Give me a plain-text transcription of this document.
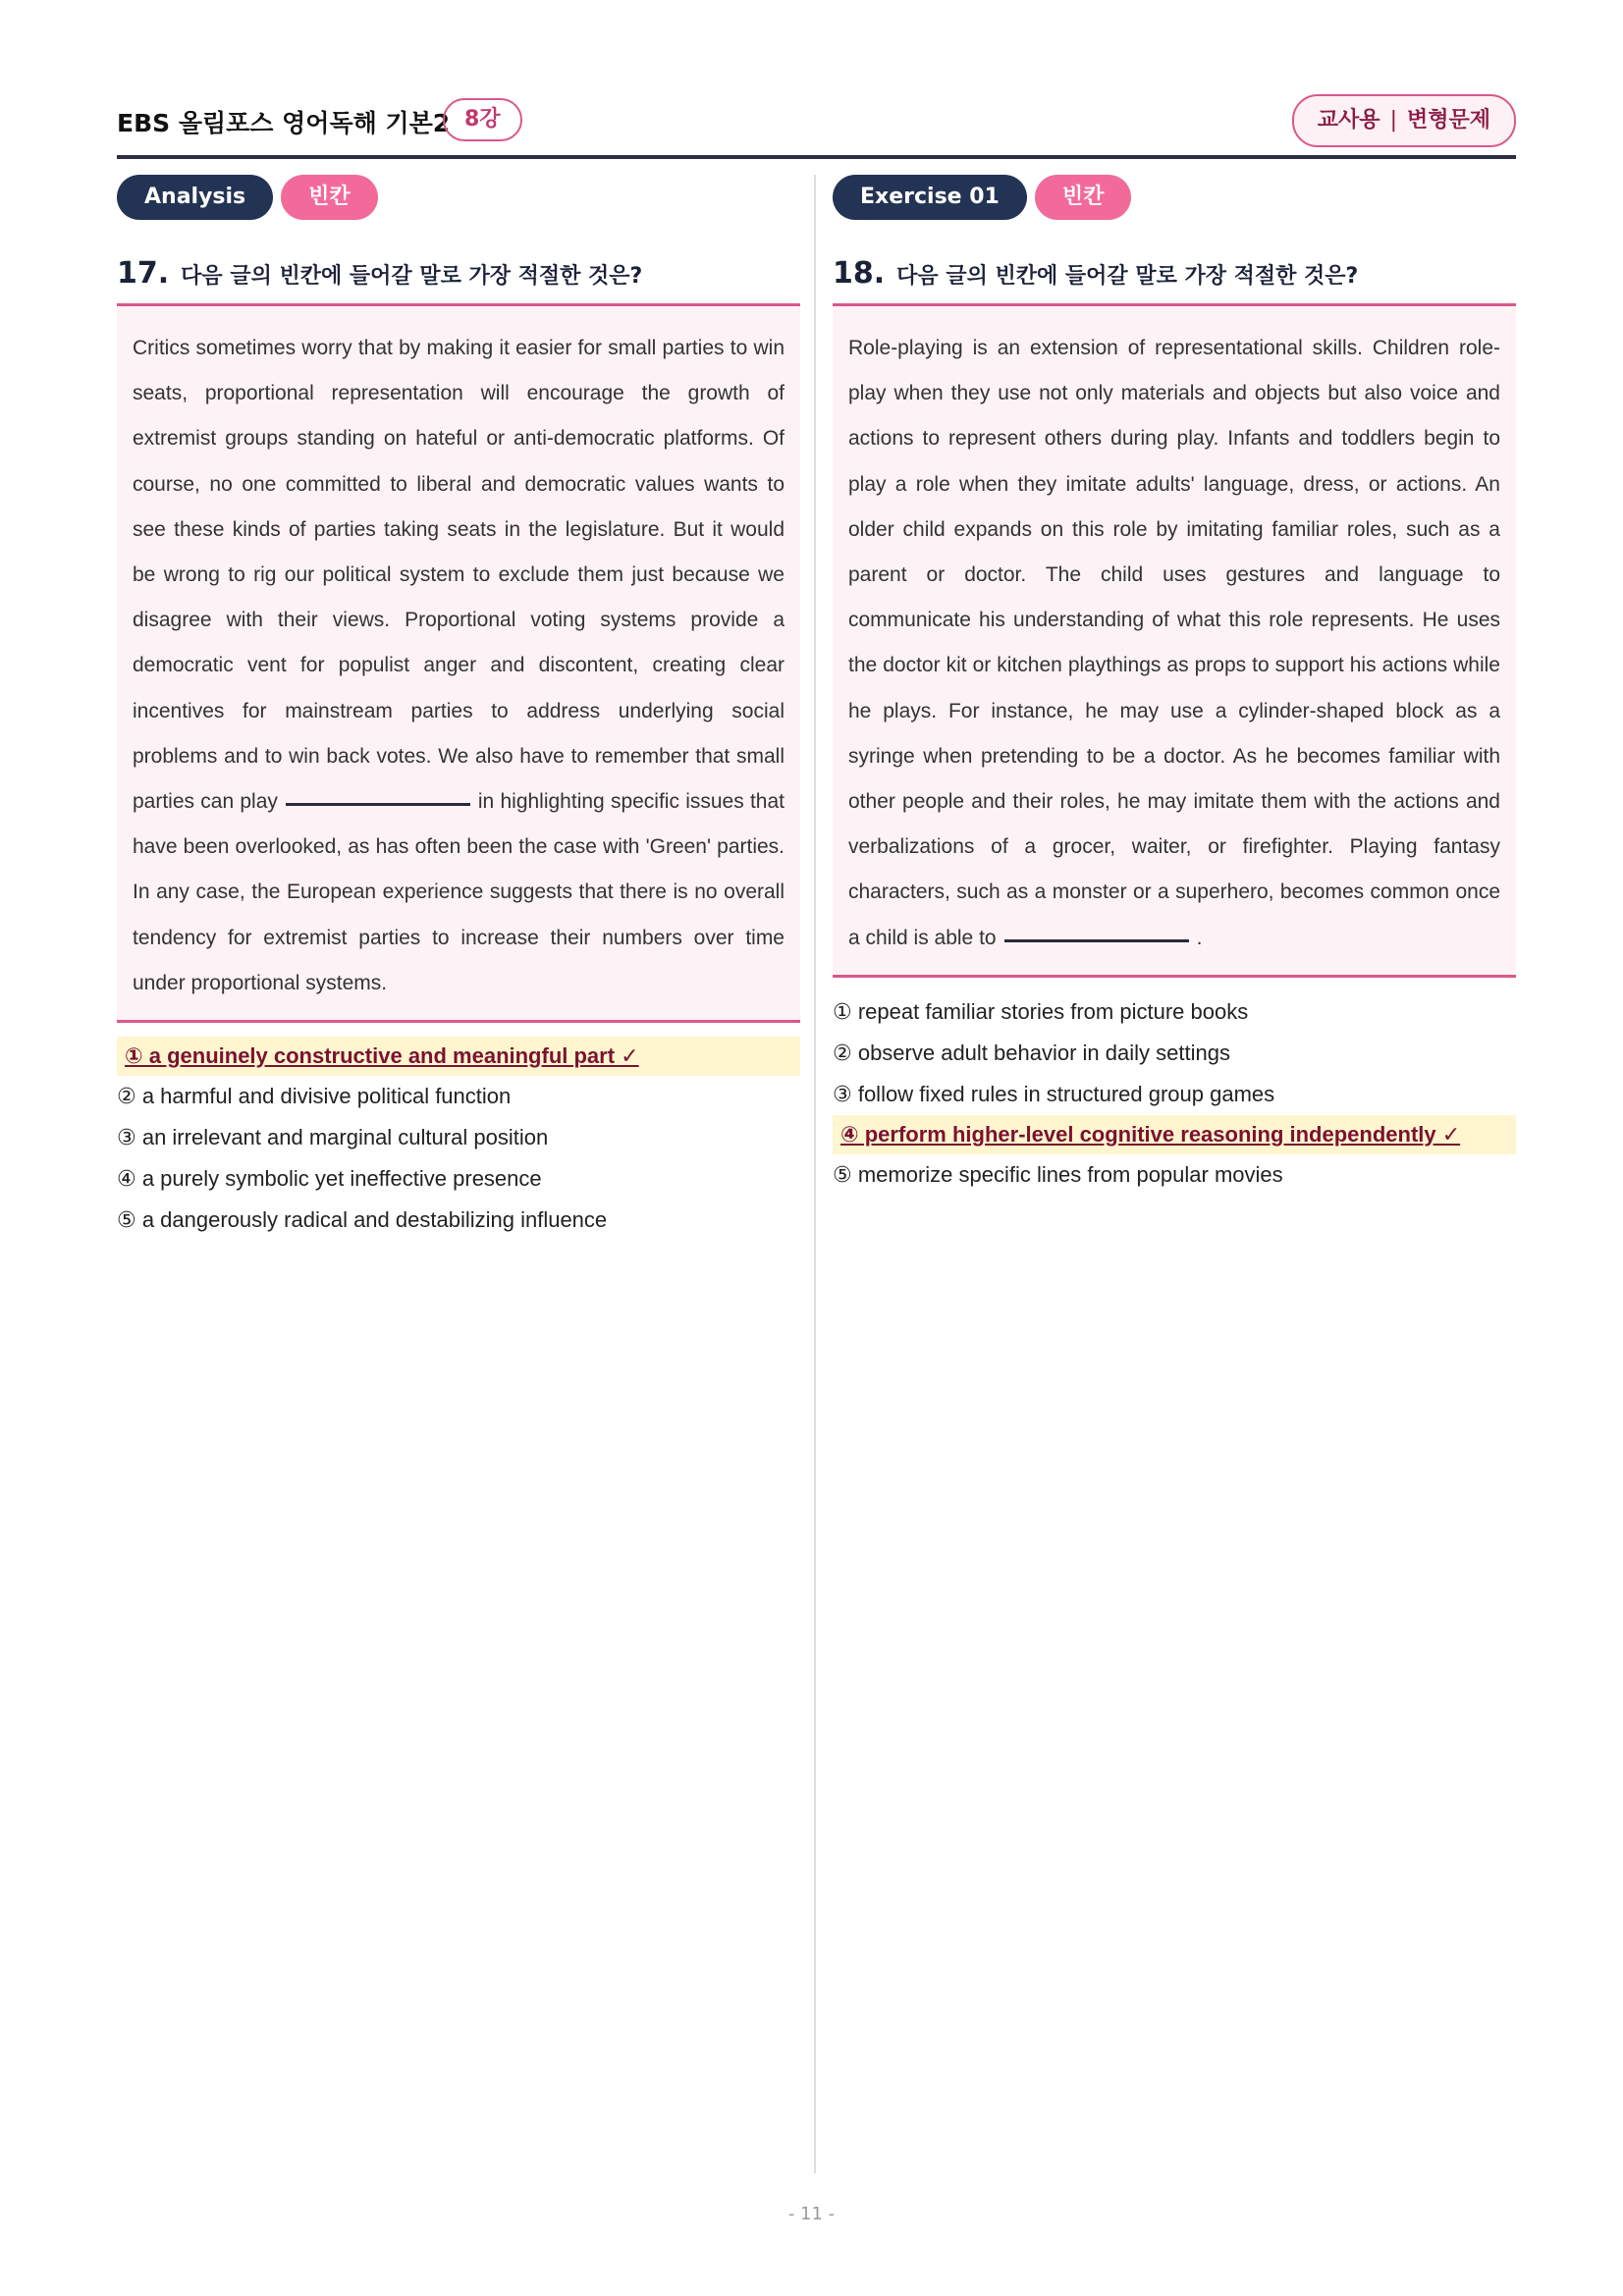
EBS 올림포스 영어독해 기본2 8강	교사용 | 변형문제
Analysis	빈칸
17. 다음 글의 빈칸에 들어갈 말로 가장 적절한 것은?

Critics sometimes worry that by making it easier for small parties to win seats, proportional representation will encourage the growth of extremist groups standing on hateful or anti-democratic platforms. Of course, no one committed to liberal and democratic values wants to see these kinds of parties taking seats in the legislature. But it would be wrong to rig our political system to exclude them just because we disagree with their views. Proportional voting systems provide a democratic vent for populist anger and discontent, creating clear incentives for mainstream parties to address underlying social problems and to win back votes. We also have to remember that small parties can play	in highlighting specific issues that have been overlooked, as has often been the case with 'Green' parties. In any case, the European experience suggests that there is no overall tendency for extremist parties to increase their numbers over time under proportional systems.

① a genuinely constructive and meaningful part ✓
② a harmful and divisive political function
③ an irrelevant and marginal cultural position
④ a purely symbolic yet ineffective presence
⑤ a dangerously radical and destabilizing influence
Exercise 01	빈칸
18. 다음 글의 빈칸에 들어갈 말로 가장 적절한 것은?

Role-playing is an extension of representational skills. Children role-play when they use not only materials and objects but also voice and actions to represent others during play. Infants and toddlers begin to play a role when they imitate adults' language, dress, or actions. An older child expands on this role by imitating familiar roles, such as a parent or doctor. The child uses gestures and language to communicate his understanding of what this role represents. He uses the doctor kit or kitchen playthings as props to support his actions while he plays. For instance, he may use a cylinder-shaped block as a syringe when pretending to be a doctor. As he becomes familiar with other people and their roles, he may imitate them with the actions and verbalizations of a grocer, waiter, or firefighter. Playing fantasy characters, such as a monster or a superhero, becomes common once a child is able to	.

① repeat familiar stories from picture books
② observe adult behavior in daily settings
③ follow fixed rules in structured group games
④ perform higher-level cognitive reasoning independently ✓
⑤ memorize specific lines from popular movies
- 11 -
